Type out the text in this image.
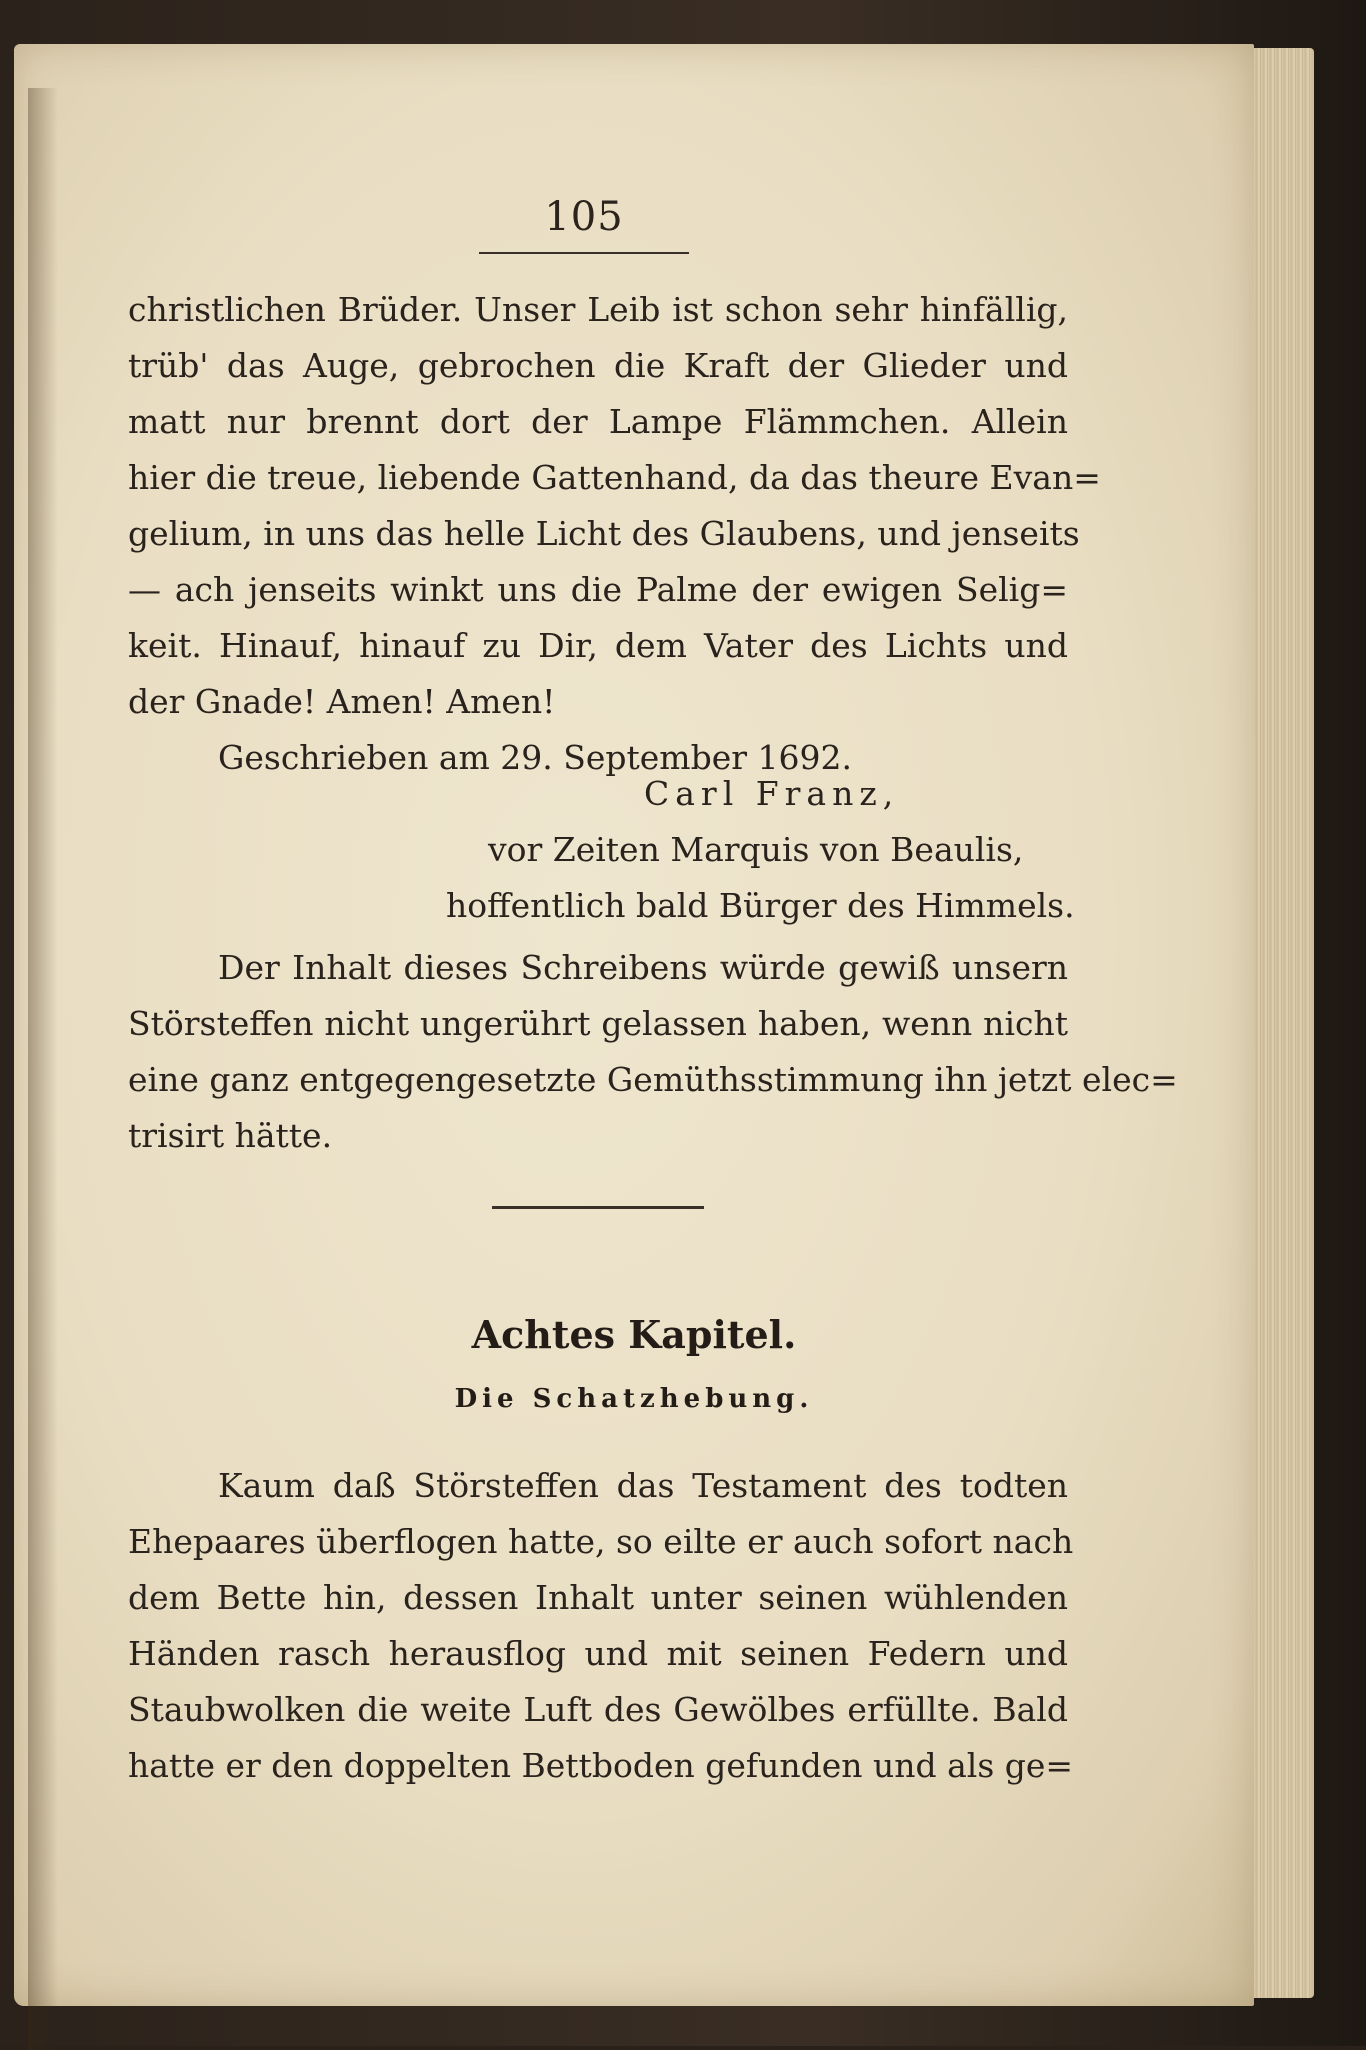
105
christlichen Brüder. Unser Leib ist schon sehr hinfällig,
trüb' das Auge, gebrochen die Kraft der Glieder und
matt nur brennt dort der Lampe Flämmchen. Allein
hier die treue, liebende Gattenhand, da das theure Evan=
gelium, in uns das helle Licht des Glaubens, und jenseits
— ach jenseits winkt uns die Palme der ewigen Selig=
keit. Hinauf, hinauf zu Dir, dem Vater des Lichts und
der Gnade! Amen! Amen!
Geschrieben am 29. September 1692.
Carl Franz,
vor Zeiten Marquis von Beaulis,
hoffentlich bald Bürger des Himmels.
Der Inhalt dieses Schreibens würde gewiß unsern
Störsteffen nicht ungerührt gelassen haben, wenn nicht
eine ganz entgegengesetzte Gemüthsstimmung ihn jetzt elec=
trisirt hätte.
Achtes Kapitel.
Die Schatzhebung.
Kaum daß Störsteffen das Testament des todten
Ehepaares überflogen hatte, so eilte er auch sofort nach
dem Bette hin, dessen Inhalt unter seinen wühlenden
Händen rasch herausflog und mit seinen Federn und
Staubwolken die weite Luft des Gewölbes erfüllte. Bald
hatte er den doppelten Bettboden gefunden und als ge=
